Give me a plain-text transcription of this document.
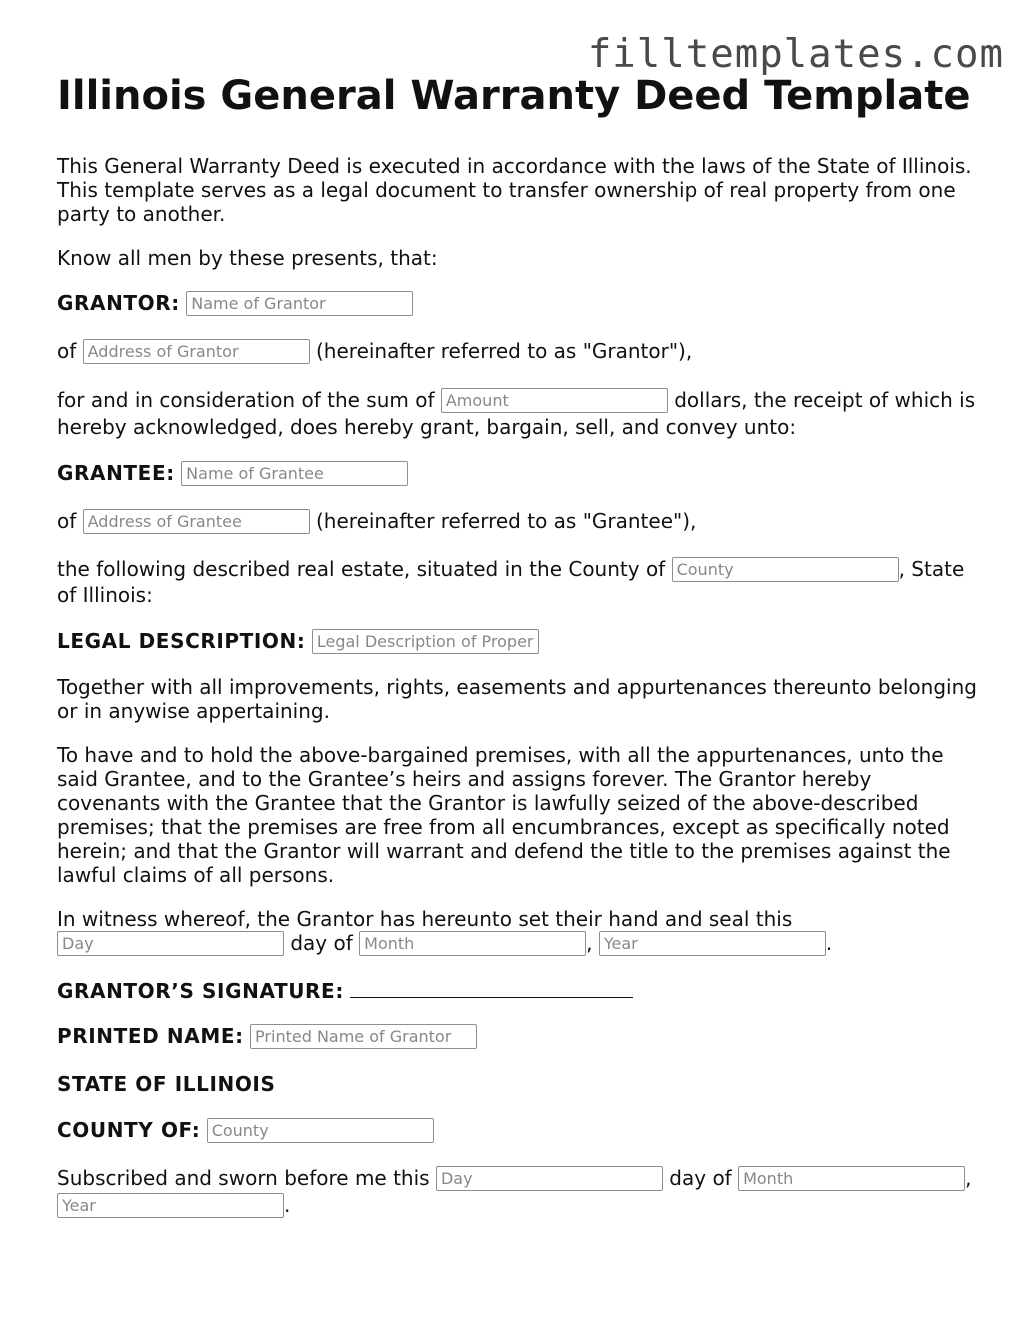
filltemplates.com
Illinois General Warranty Deed Template

This General Warranty Deed is executed in accordance with the laws of the State of Illinois. This template serves as a legal document to transfer ownership of real property from one party to another.

Know all men by these presents, that:

GRANTOR: Name of Grantor

of Address of Grantor	(hereinafter referred to as "Grantor"),

for and in consideration of the sum of Amount	dollars, the receipt of which is hereby acknowledged, does hereby grant, bargain, sell, and convey unto:

GRANTEE: Name of Grantee

of Address of Grantee	(hereinafter referred to as "Grantee"),

the following described real estate, situated in the County of County	, State of Illinois:

LEGAL DESCRIPTION: Legal Description of Property

Together with all improvements, rights, easements and appurtenances thereunto belonging or in anywise appertaining.

To have and to hold the above-bargained premises, with all the appurtenances, unto the said Grantee, and to the Grantee’s heirs and assigns forever. The Grantor hereby covenants with the Grantee that the Grantor is lawfully seized of the above-described premises; that the premises are free from all encumbrances, except as specifically noted herein; and that the Grantor will warrant and defend the title to the premises against the lawful claims of all persons.

In witness whereof, the Grantor has hereunto set their hand and seal this
Day day of Month	, Year	.

GRANTOR’S SIGNATURE:

PRINTED NAME: Printed Name of Grantor

STATE OF ILLINOIS

COUNTY OF: County

Subscribed and sworn before me this Day	day of Month	,
Year.
